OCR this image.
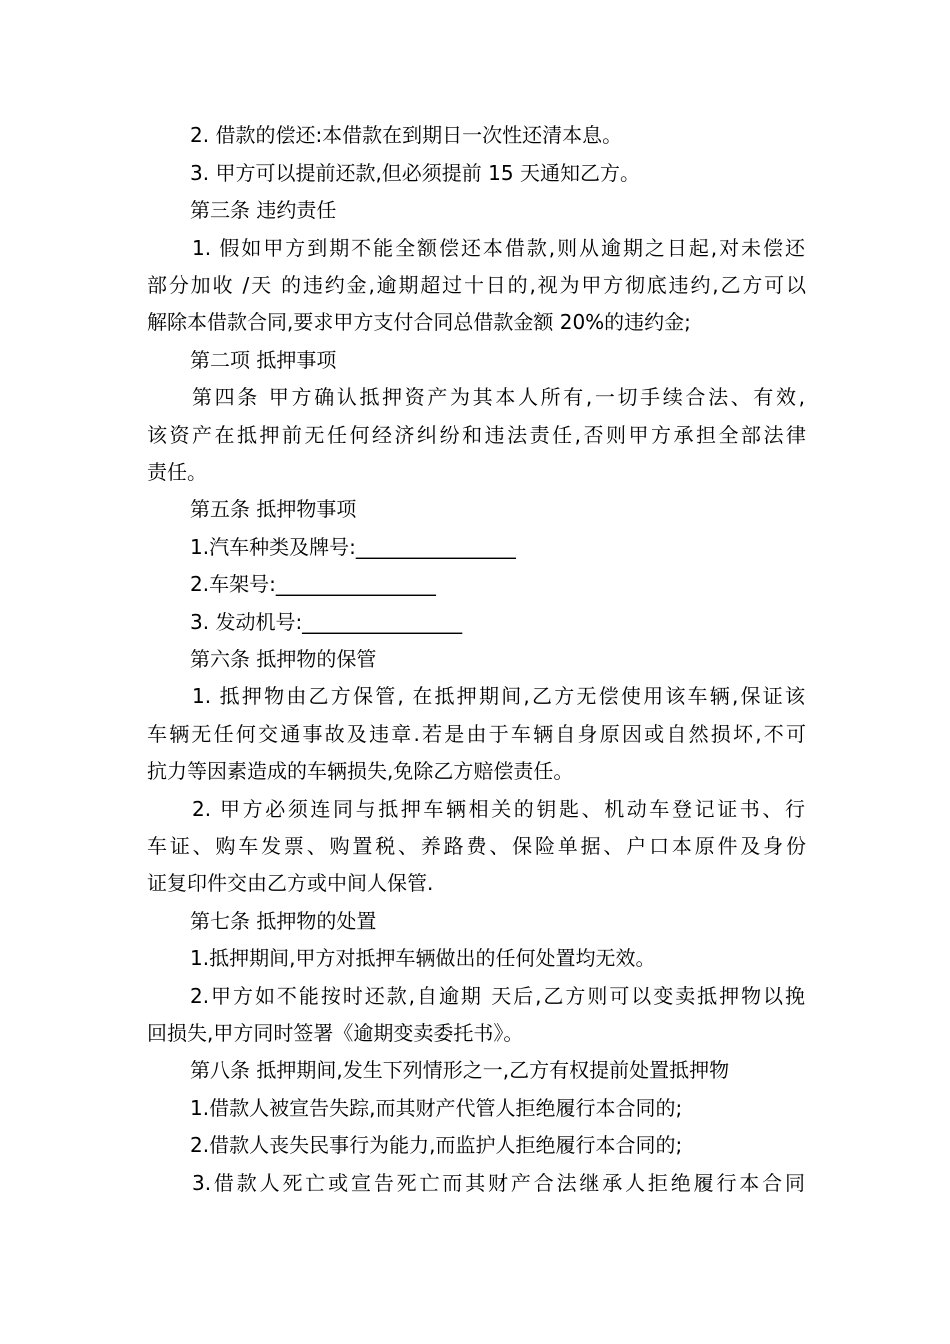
2. 借款的偿还:本借款在到期日一次性还清本息。
3. 甲方可以提前还款,但必须提前 15 天通知乙方。
第三条 违约责任
1. 假如甲方到期不能全额偿还本借款,则从逾期之日起,对未偿还
部分加收 /天 的违约金,逾期超过十日的,视为甲方彻底违约,乙方可以
解除本借款合同,要求甲方支付合同总借款金额 20%的违约金;
第二项 抵押事项
第四条 甲方确认抵押资产为其本人所有,一切手续合法、有效,
该资产在抵押前无任何经济纠纷和违法责任,否则甲方承担全部法律
责任。
第五条 抵押物事项
1.汽车种类及牌号:________________
2.车架号:________________
3. 发动机号:________________
第六条 抵押物的保管
1. 抵押物由乙方保管, 在抵押期间,乙方无偿使用该车辆,保证该
车辆无任何交通事故及违章.若是由于车辆自身原因或自然损坏,不可
抗力等因素造成的车辆损失,免除乙方赔偿责任。
2. 甲方必须连同与抵押车辆相关的钥匙、机动车登记证书、行
车证、购车发票、购置税、养路费、保险单据、户口本原件及身份
证复印件交由乙方或中间人保管.
第七条 抵押物的处置
1.抵押期间,甲方对抵押车辆做出的任何处置均无效。
2.甲方如不能按时还款,自逾期 天后,乙方则可以变卖抵押物以挽
回损失,甲方同时签署《逾期变卖委托书》。
第八条 抵押期间,发生下列情形之一,乙方有权提前处置抵押物
1.借款人被宣告失踪,而其财产代管人拒绝履行本合同的;
2.借款人丧失民事行为能力,而监护人拒绝履行本合同的;
3.借款人死亡或宣告死亡而其财产合法继承人拒绝履行本合同
